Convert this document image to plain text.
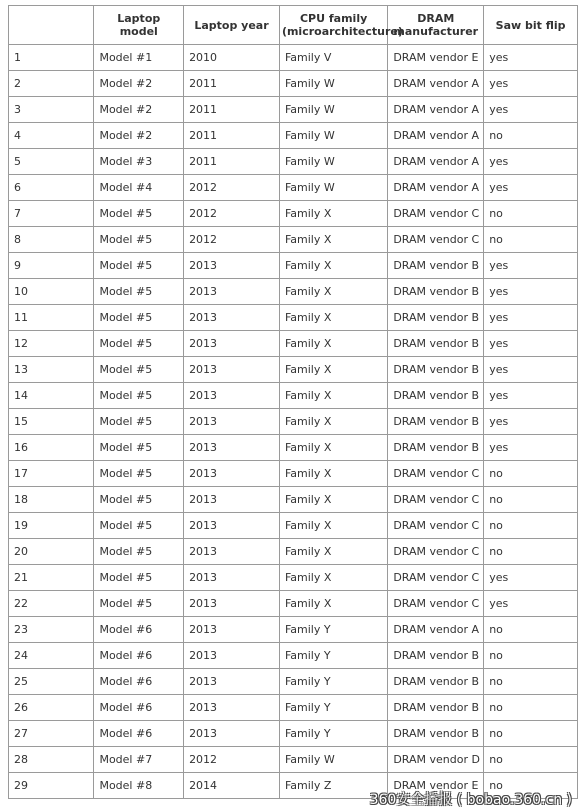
	Laptop model	Laptop year	CPU family (microarchitecture)	DRAM manufacturer	Saw bit flip
1	Model #1	2010	Family V	DRAM vendor E	yes
2	Model #2	2011	Family W	DRAM vendor A	yes
3	Model #2	2011	Family W	DRAM vendor A	yes
4	Model #2	2011	Family W	DRAM vendor A	no
5	Model #3	2011	Family W	DRAM vendor A	yes
6	Model #4	2012	Family W	DRAM vendor A	yes
7	Model #5	2012	Family X	DRAM vendor C	no
8	Model #5	2012	Family X	DRAM vendor C	no
9	Model #5	2013	Family X	DRAM vendor B	yes
10	Model #5	2013	Family X	DRAM vendor B	yes
11	Model #5	2013	Family X	DRAM vendor B	yes
12	Model #5	2013	Family X	DRAM vendor B	yes
13	Model #5	2013	Family X	DRAM vendor B	yes
14	Model #5	2013	Family X	DRAM vendor B	yes
15	Model #5	2013	Family X	DRAM vendor B	yes
16	Model #5	2013	Family X	DRAM vendor B	yes
17	Model #5	2013	Family X	DRAM vendor C	no
18	Model #5	2013	Family X	DRAM vendor C	no
19	Model #5	2013	Family X	DRAM vendor C	no
20	Model #5	2013	Family X	DRAM vendor C	no
21	Model #5	2013	Family X	DRAM vendor C	yes
22	Model #5	2013	Family X	DRAM vendor C	yes
23	Model #6	2013	Family Y	DRAM vendor A	no
24	Model #6	2013	Family Y	DRAM vendor B	no
25	Model #6	2013	Family Y	DRAM vendor B	no
26	Model #6	2013	Family Y	DRAM vendor B	no
27	Model #6	2013	Family Y	DRAM vendor B	no
28	Model #7	2012	Family W	DRAM vendor D	no
29	Model #8	2014	Family Z	DRAM vendor E	no
360安全播报 ( bobao.360.cn )
